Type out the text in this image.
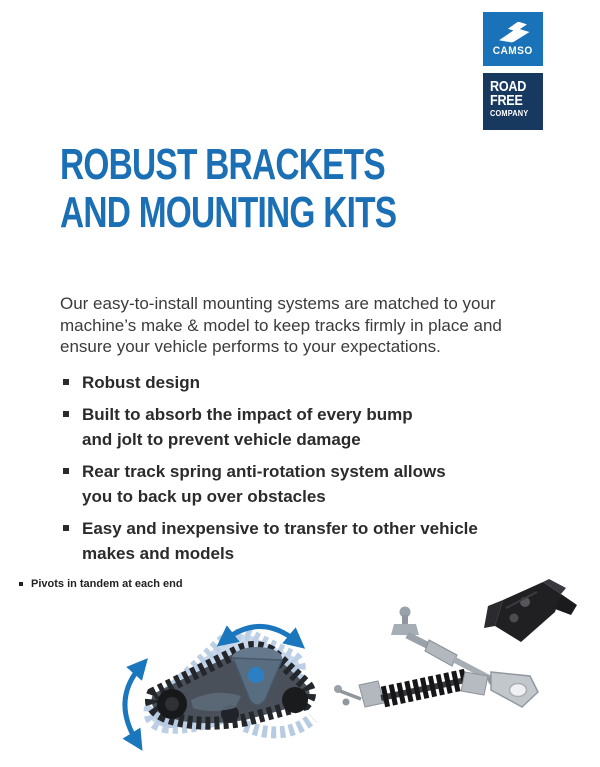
CAMSO
ROAD
FREE
COMPANY
ROBUST BRACKETS
AND MOUNTING KITS

Our easy-to-install mounting systems are matched to your
machine’s make & model to keep tracks firmly in place and
ensure your vehicle performs to your expectations.

Robust design
Built to absorb the impact of every bump
and jolt to prevent vehicle damage
Rear track spring anti-rotation system allows
you to back up over obstacles
Easy and inexpensive to transfer to other vehicle
makes and models
Pivots in tandem at each end
